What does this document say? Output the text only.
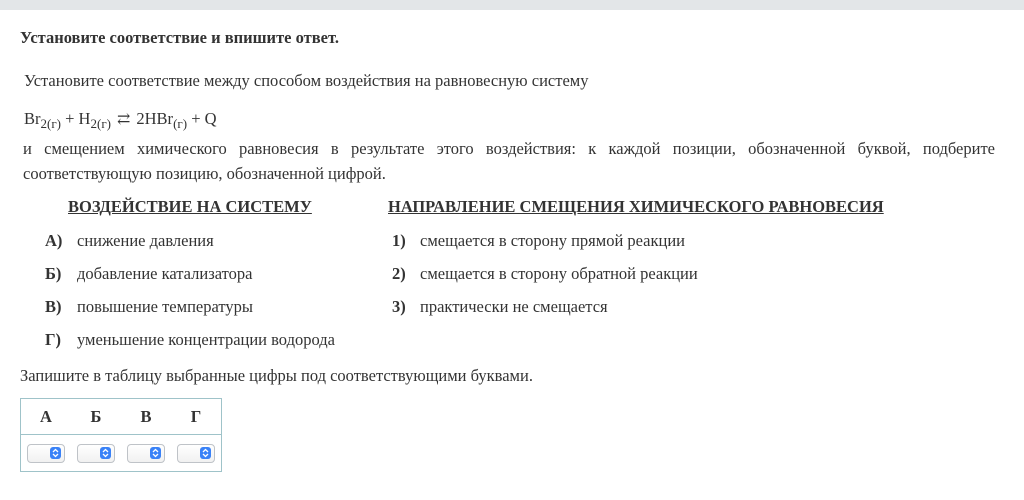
Установите соответствие и впишите ответ.
Установите соответствие между способом воздействия на равновесную систему
$Br_{2(г)} + H_{2(г)}$ ⇄ 2HBr$_{(г)}$ + Q
и смещением химического равновесия в результате этого воздействия: к каждой позиции, обозначенной буквой, подберите соответствующую позицию, обозначенной цифрой.
ВОЗДЕЙСТВИЕ НА СИСТЕМУ	НАПРАВЛЕНИЕ СМЕЩЕНИЯ ХИМИЧЕСКОГО РАВНОВЕСИЯ
А) снижение давления
Б) добавление катализатора
В) повышение температуры
Г) уменьшение концентрации водорода
1) смещается в сторону прямой реакции
2) смещается в сторону обратной реакции
3) практически не смещается
Запишите в таблицу выбранные цифры под соответствующими буквами.
А	Б	В	Г
